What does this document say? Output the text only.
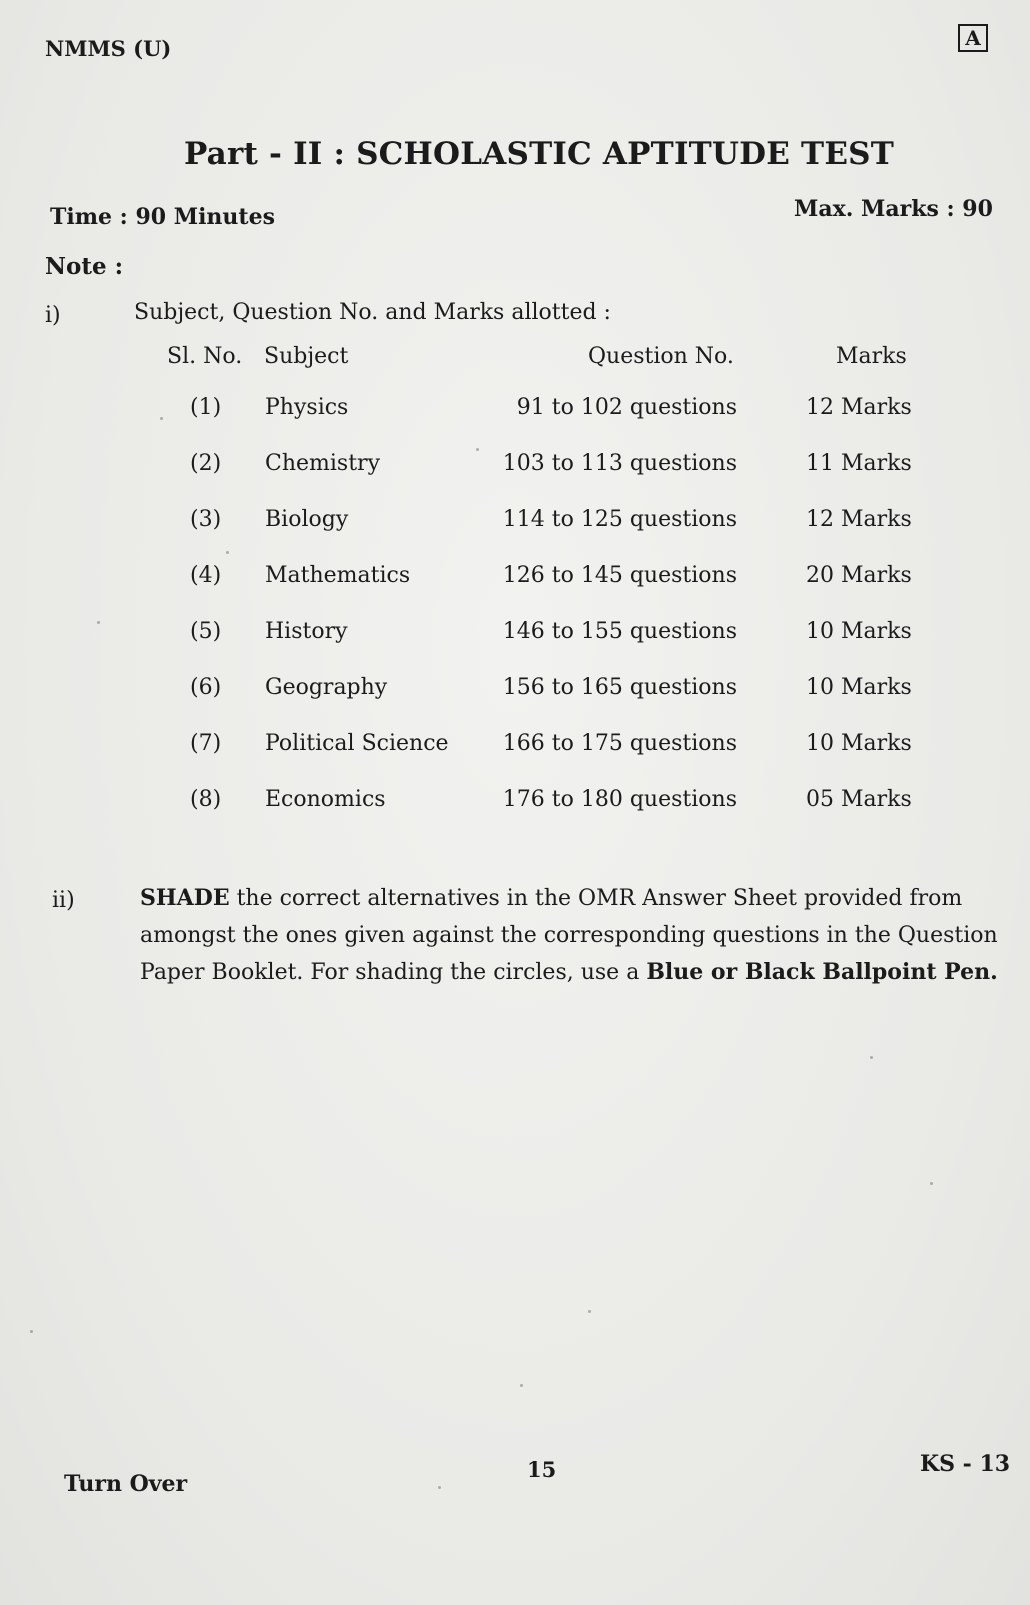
NMMS (U)	A
Part - II : SCHOLASTIC APTITUDE TEST
Time : 90 Minutes	Max. Marks : 90
Note :
i)	Subject, Question No. and Marks allotted :
Sl. No. Subject	Question No.	Marks
(1) Physics	91 to 102 questions	12 Marks
(2) Chemistry	103 to 113 questions	11 Marks
(3) Biology	114 to 125 questions	12 Marks
(4) Mathematics	126 to 145 questions	20 Marks
(5) History	146 to 155 questions	10 Marks
(6) Geography	156 to 165 questions	10 Marks
(7) Political Science 166 to 175 questions	10 Marks
(8) Economics	176 to 180 questions	05 Marks
ii)	SHADE the correct alternatives in the OMR Answer Sheet provided from amongst the ones given against the corresponding questions in the Question Paper Booklet. For shading the circles, use a Blue or Black Ballpoint Pen.
Turn Over
15	KS - 13
